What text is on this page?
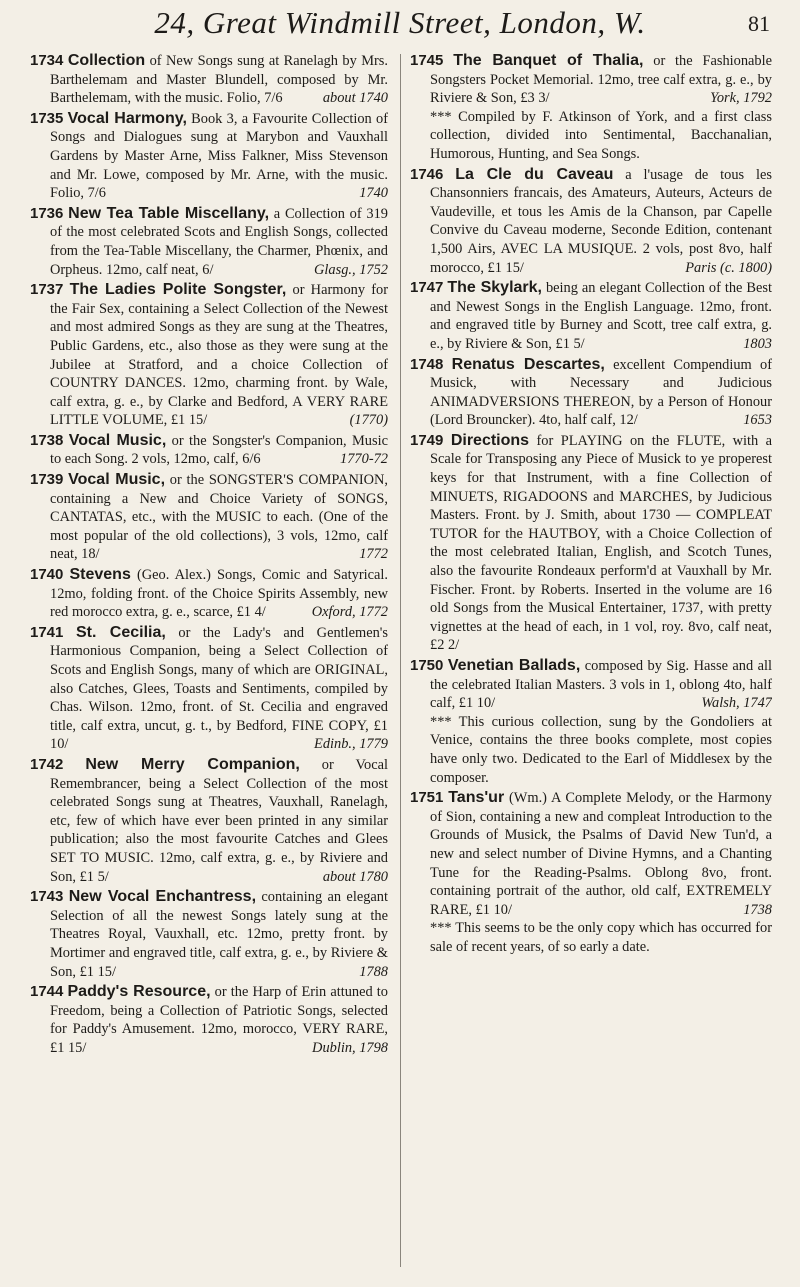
24, Great Windmill Street, London, W.	81

1734 Collection of New Songs sung at Ranelagh by Mrs. Barthelemam and Master Blundell, composed by Mr. Barthelemam, with the music. Folio, 7/6	about 1740

1735 Vocal Harmony, Book 3, a Favourite Collection of Songs and Dialogues sung at Marybon and Vauxhall Gardens by Master Arne, Miss Falkner, Miss Stevenson and Mr. Lowe, composed by Mr. Arne, with the music. Folio, 7/6	1740

1736 New Tea Table Miscellany, a Collection of 319 of the most celebrated Scots and English Songs, collected from the Tea-Table Miscellany, the Charmer, Phœnix, and Orpheus. 12mo, calf neat, 6/	Glasg., 1752

1737 The Ladies Polite Songster, or Harmony for the Fair Sex, containing a Select Collection of the Newest and most admired Songs as they are sung at the Theatres, Public Gardens, etc., also those as they were sung at the Jubilee at Stratford, and a choice Collection of COUNTRY DANCES. 12mo, charming front. by Wale, calf extra, g. e., by Clarke and Bedford, A VERY RARE LITTLE VOLUME, £1 15/	(1770)

1738 Vocal Music, or the Songster's Companion, Music to each Song. 2 vols, 12mo, calf, 6/6	1770-72

1739 Vocal Music, or the SONGSTER'S COMPANION, containing a New and Choice Variety of SONGS, CANTATAS, etc., with the MUSIC to each. (One of the most popular of the old collections), 3 vols, 12mo, calf neat, 18/	1772

1740 Stevens (Geo. Alex.) Songs, Comic and Satyrical. 12mo, folding front. of the Choice Spirits Assembly, new red morocco extra, g. e., scarce, £1 4/	Oxford, 1772

1741 St. Cecilia, or the Lady's and Gentlemen's Harmonious Companion, being a Select Collection of Scots and English Songs, many of which are ORIGINAL, also Catches, Glees, Toasts and Sentiments, compiled by Chas. Wilson. 12mo, front. of St. Cecilia and engraved title, calf extra, uncut, g. t., by Bedford, FINE COPY, £1 10/	Edinb., 1779

1742 New Merry Companion, or Vocal Remembrancer, being a Select Collection of the most celebrated Songs sung at Theatres, Vauxhall, Ranelagh, etc, few of which have ever been printed in any similar publication; also the most favourite Catches and Glees SET TO MUSIC. 12mo, calf extra, g. e., by Riviere and Son, £1 5/	about 1780

1743 New Vocal Enchantress, containing an elegant Selection of all the newest Songs lately sung at the Theatres Royal, Vauxhall, etc. 12mo, pretty front. by Mortimer and engraved title, calf extra, g. e., by Riviere & Son, £1 15/	1788

1744 Paddy's Resource, or the Harp of Erin attuned to Freedom, being a Collection of Patriotic Songs, selected for Paddy's Amusement. 12mo, morocco, VERY RARE, £1 15/	Dublin, 1798

1745 The Banquet of Thalia, or the Fashionable Songsters Pocket Memorial. 12mo, tree calf extra, g. e., by Riviere & Son, £3 3/	York, 1792
*** Compiled by F. Atkinson of York, and a first class collection, divided into Sentimental, Bacchanalian, Humorous, Hunting, and Sea Songs.

1746 La Cle du Caveau a l'usage de tous les Chansonniers francais, des Amateurs, Auteurs, Acteurs de Vaudeville, et tous les Amis de la Chanson, par Capelle Convive du Caveau moderne, Seconde Edition, contenant 1,500 Airs, AVEC LA MUSIQUE. 2 vols, post 8vo, half morocco, £1 15/	Paris (c. 1800)

1747 The Skylark, being an elegant Collection of the Best and Newest Songs in the English Language. 12mo, front. and engraved title by Burney and Scott, tree calf extra, g. e., by Riviere & Son, £1 5/	1803

1748 Renatus Descartes, excellent Compendium of Musick, with Necessary and Judicious ANIMADVERSIONS THEREON, by a Person of Honour (Lord Brouncker). 4to, half calf, 12/	1653

1749 Directions for PLAYING on the FLUTE, with a Scale for Transposing any Piece of Musick to ye properest keys for that Instrument, with a fine Collection of MINUETS, RIGADOONS and MARCHES, by Judicious Masters. Front. by J. Smith, about 1730 — COMPLEAT TUTOR for the HAUTBOY, with a Choice Collection of the most celebrated Italian, English, and Scotch Tunes, also the favourite Rondeaux perform'd at Vauxhall by Mr. Fischer. Front. by Roberts. Inserted in the volume are 16 old Songs from the Musical Entertainer, 1737, with pretty vignettes at the head of each, in 1 vol, roy. 8vo, calf neat, £2 2/

1750 Venetian Ballads, composed by Sig. Hasse and all the celebrated Italian Masters. 3 vols in 1, oblong 4to, half calf, £1 10/	Walsh, 1747
*** This curious collection, sung by the Gondoliers at Venice, contains the three books complete, most copies have only two. Dedicated to the Earl of Middlesex by the composer.

1751 Tans'ur (Wm.) A Complete Melody, or the Harmony of Sion, containing a new and compleat Introduction to the Grounds of Musick, the Psalms of David New Tun'd, a new and select number of Divine Hymns, and a Chanting Tune for the Reading-Psalms. Oblong 8vo, front. containing portrait of the author, old calf, EXTREMELY RARE, £1 10/	1738
*** This seems to be the only copy which has occurred for sale of recent years, of so early a date.
